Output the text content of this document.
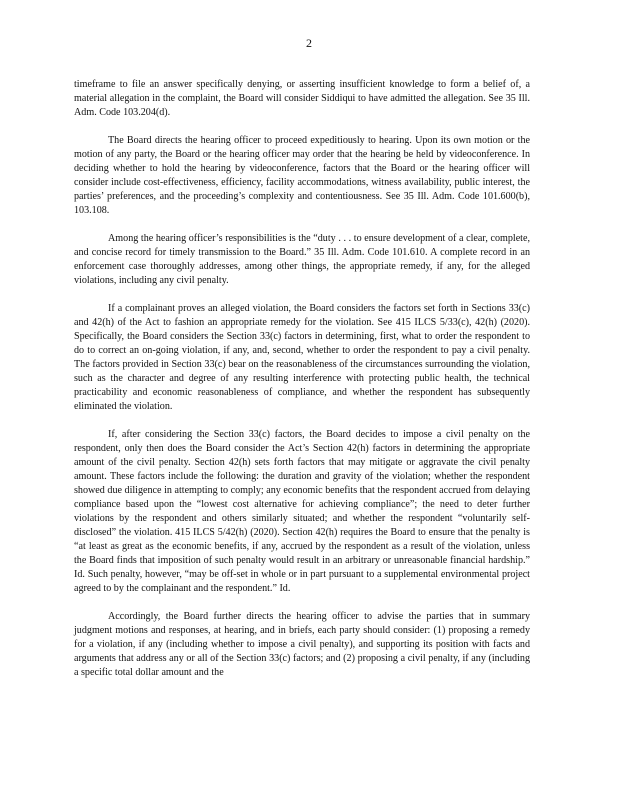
2

timeframe to file an answer specifically denying, or asserting insufficient knowledge to form a belief of, a material allegation in the complaint, the Board will consider Siddiqui to have admitted the allegation. See 35 Ill. Adm. Code 103.204(d).

The Board directs the hearing officer to proceed expeditiously to hearing. Upon its own motion or the motion of any party, the Board or the hearing officer may order that the hearing be held by videoconference. In deciding whether to hold the hearing by videoconference, factors that the Board or the hearing officer will consider include cost-effectiveness, efficiency, facility accommodations, witness availability, public interest, the parties’ preferences, and the proceeding’s complexity and contentiousness. See 35 Ill. Adm. Code 101.600(b), 103.108.

Among the hearing officer’s responsibilities is the “duty . . . to ensure development of a clear, complete, and concise record for timely transmission to the Board.” 35 Ill. Adm. Code 101.610. A complete record in an enforcement case thoroughly addresses, among other things, the appropriate remedy, if any, for the alleged violations, including any civil penalty.

If a complainant proves an alleged violation, the Board considers the factors set forth in Sections 33(c) and 42(h) of the Act to fashion an appropriate remedy for the violation. See 415 ILCS 5/33(c), 42(h) (2020). Specifically, the Board considers the Section 33(c) factors in determining, first, what to order the respondent to do to correct an on-going violation, if any, and, second, whether to order the respondent to pay a civil penalty. The factors provided in Section 33(c) bear on the reasonableness of the circumstances surrounding the violation, such as the character and degree of any resulting interference with protecting public health, the technical practicability and economic reasonableness of compliance, and whether the respondent has subsequently eliminated the violation.

If, after considering the Section 33(c) factors, the Board decides to impose a civil penalty on the respondent, only then does the Board consider the Act’s Section 42(h) factors in determining the appropriate amount of the civil penalty. Section 42(h) sets forth factors that may mitigate or aggravate the civil penalty amount. These factors include the following: the duration and gravity of the violation; whether the respondent showed due diligence in attempting to comply; any economic benefits that the respondent accrued from delaying compliance based upon the “lowest cost alternative for achieving compliance”; the need to deter further violations by the respondent and others similarly situated; and whether the respondent “voluntarily self-disclosed” the violation. 415 ILCS 5/42(h) (2020). Section 42(h) requires the Board to ensure that the penalty is “at least as great as the economic benefits, if any, accrued by the respondent as a result of the violation, unless the Board finds that imposition of such penalty would result in an arbitrary or unreasonable financial hardship.” Id. Such penalty, however, “may be off-set in whole or in part pursuant to a supplemental environmental project agreed to by the complainant and the respondent.” Id.

Accordingly, the Board further directs the hearing officer to advise the parties that in summary judgment motions and responses, at hearing, and in briefs, each party should consider: (1) proposing a remedy for a violation, if any (including whether to impose a civil penalty), and supporting its position with facts and arguments that address any or all of the Section 33(c) factors; and (2) proposing a civil penalty, if any (including a specific total dollar amount and the
